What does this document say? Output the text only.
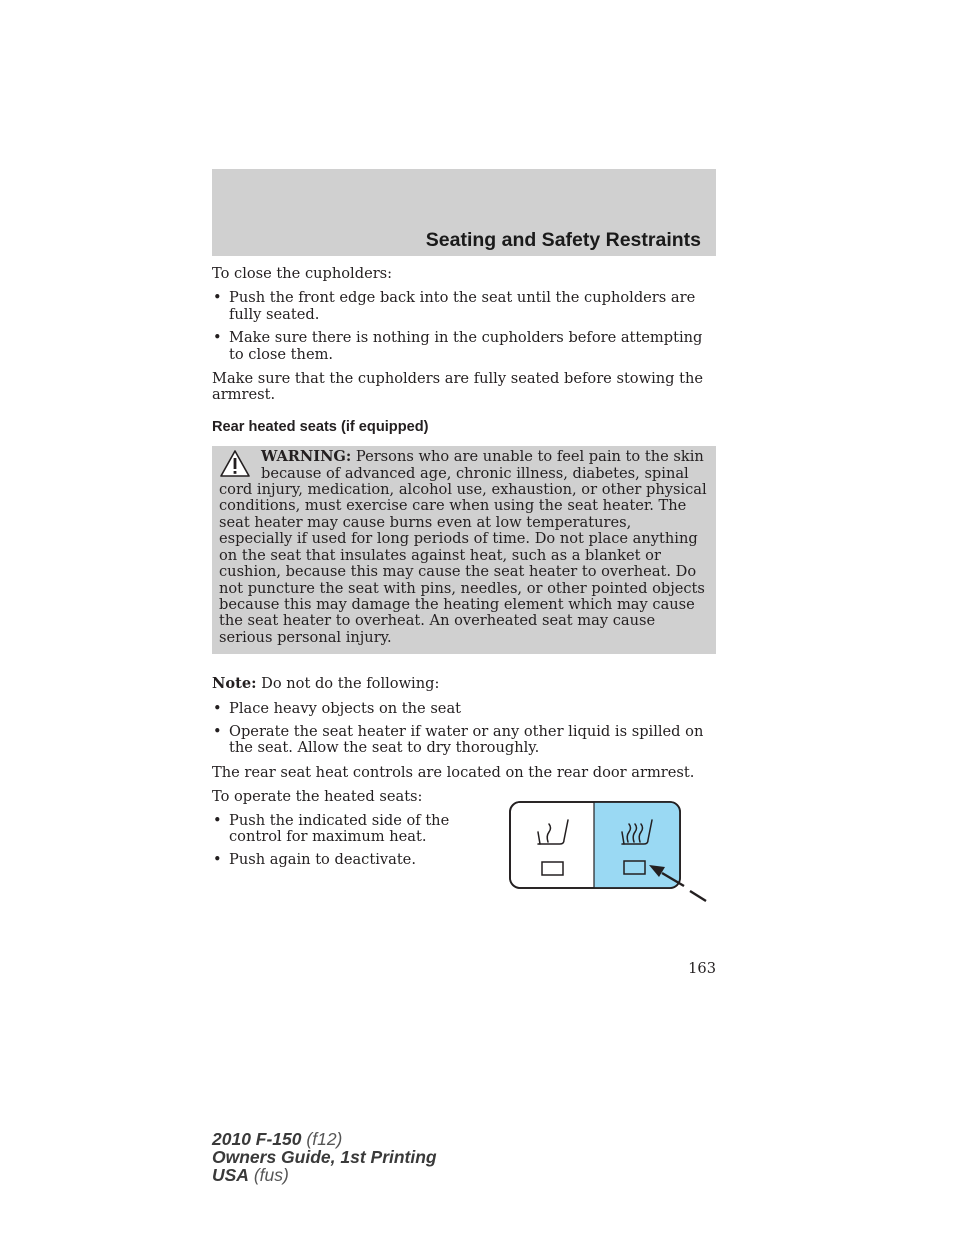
Seating and Safety Restraints

To close the cupholders:

• Push the front edge back into the seat until the cupholders are fully seated.
• Make sure there is nothing in the cupholders before attempting to close them.

Make sure that the cupholders are fully seated before stowing the armrest.

Rear heated seats (if equipped)

WARNING: Persons who are unable to feel pain to the skin because of advanced age, chronic illness, diabetes, spinal cord injury, medication, alcohol use, exhaustion, or other physical conditions, must exercise care when using the seat heater. The seat heater may cause burns even at low temperatures, especially if used for long periods of time. Do not place anything on the seat that insulates against heat, such as a blanket or cushion, because this may cause the seat heater to overheat. Do not puncture the seat with pins, needles, or other pointed objects because this may damage the heating element which may cause the seat heater to overheat. An overheated seat may cause serious personal injury.

Note: Do not do the following:

• Place heavy objects on the seat
• Operate the seat heater if water or any other liquid is spilled on the seat. Allow the seat to dry thoroughly.

The rear seat heat controls are located on the rear door armrest.

To operate the heated seats:

• Push the indicated side of the control for maximum heat.
• Push again to deactivate.
163
2010 F-150 (f12)
Owners Guide, 1st Printing
USA (fus)
